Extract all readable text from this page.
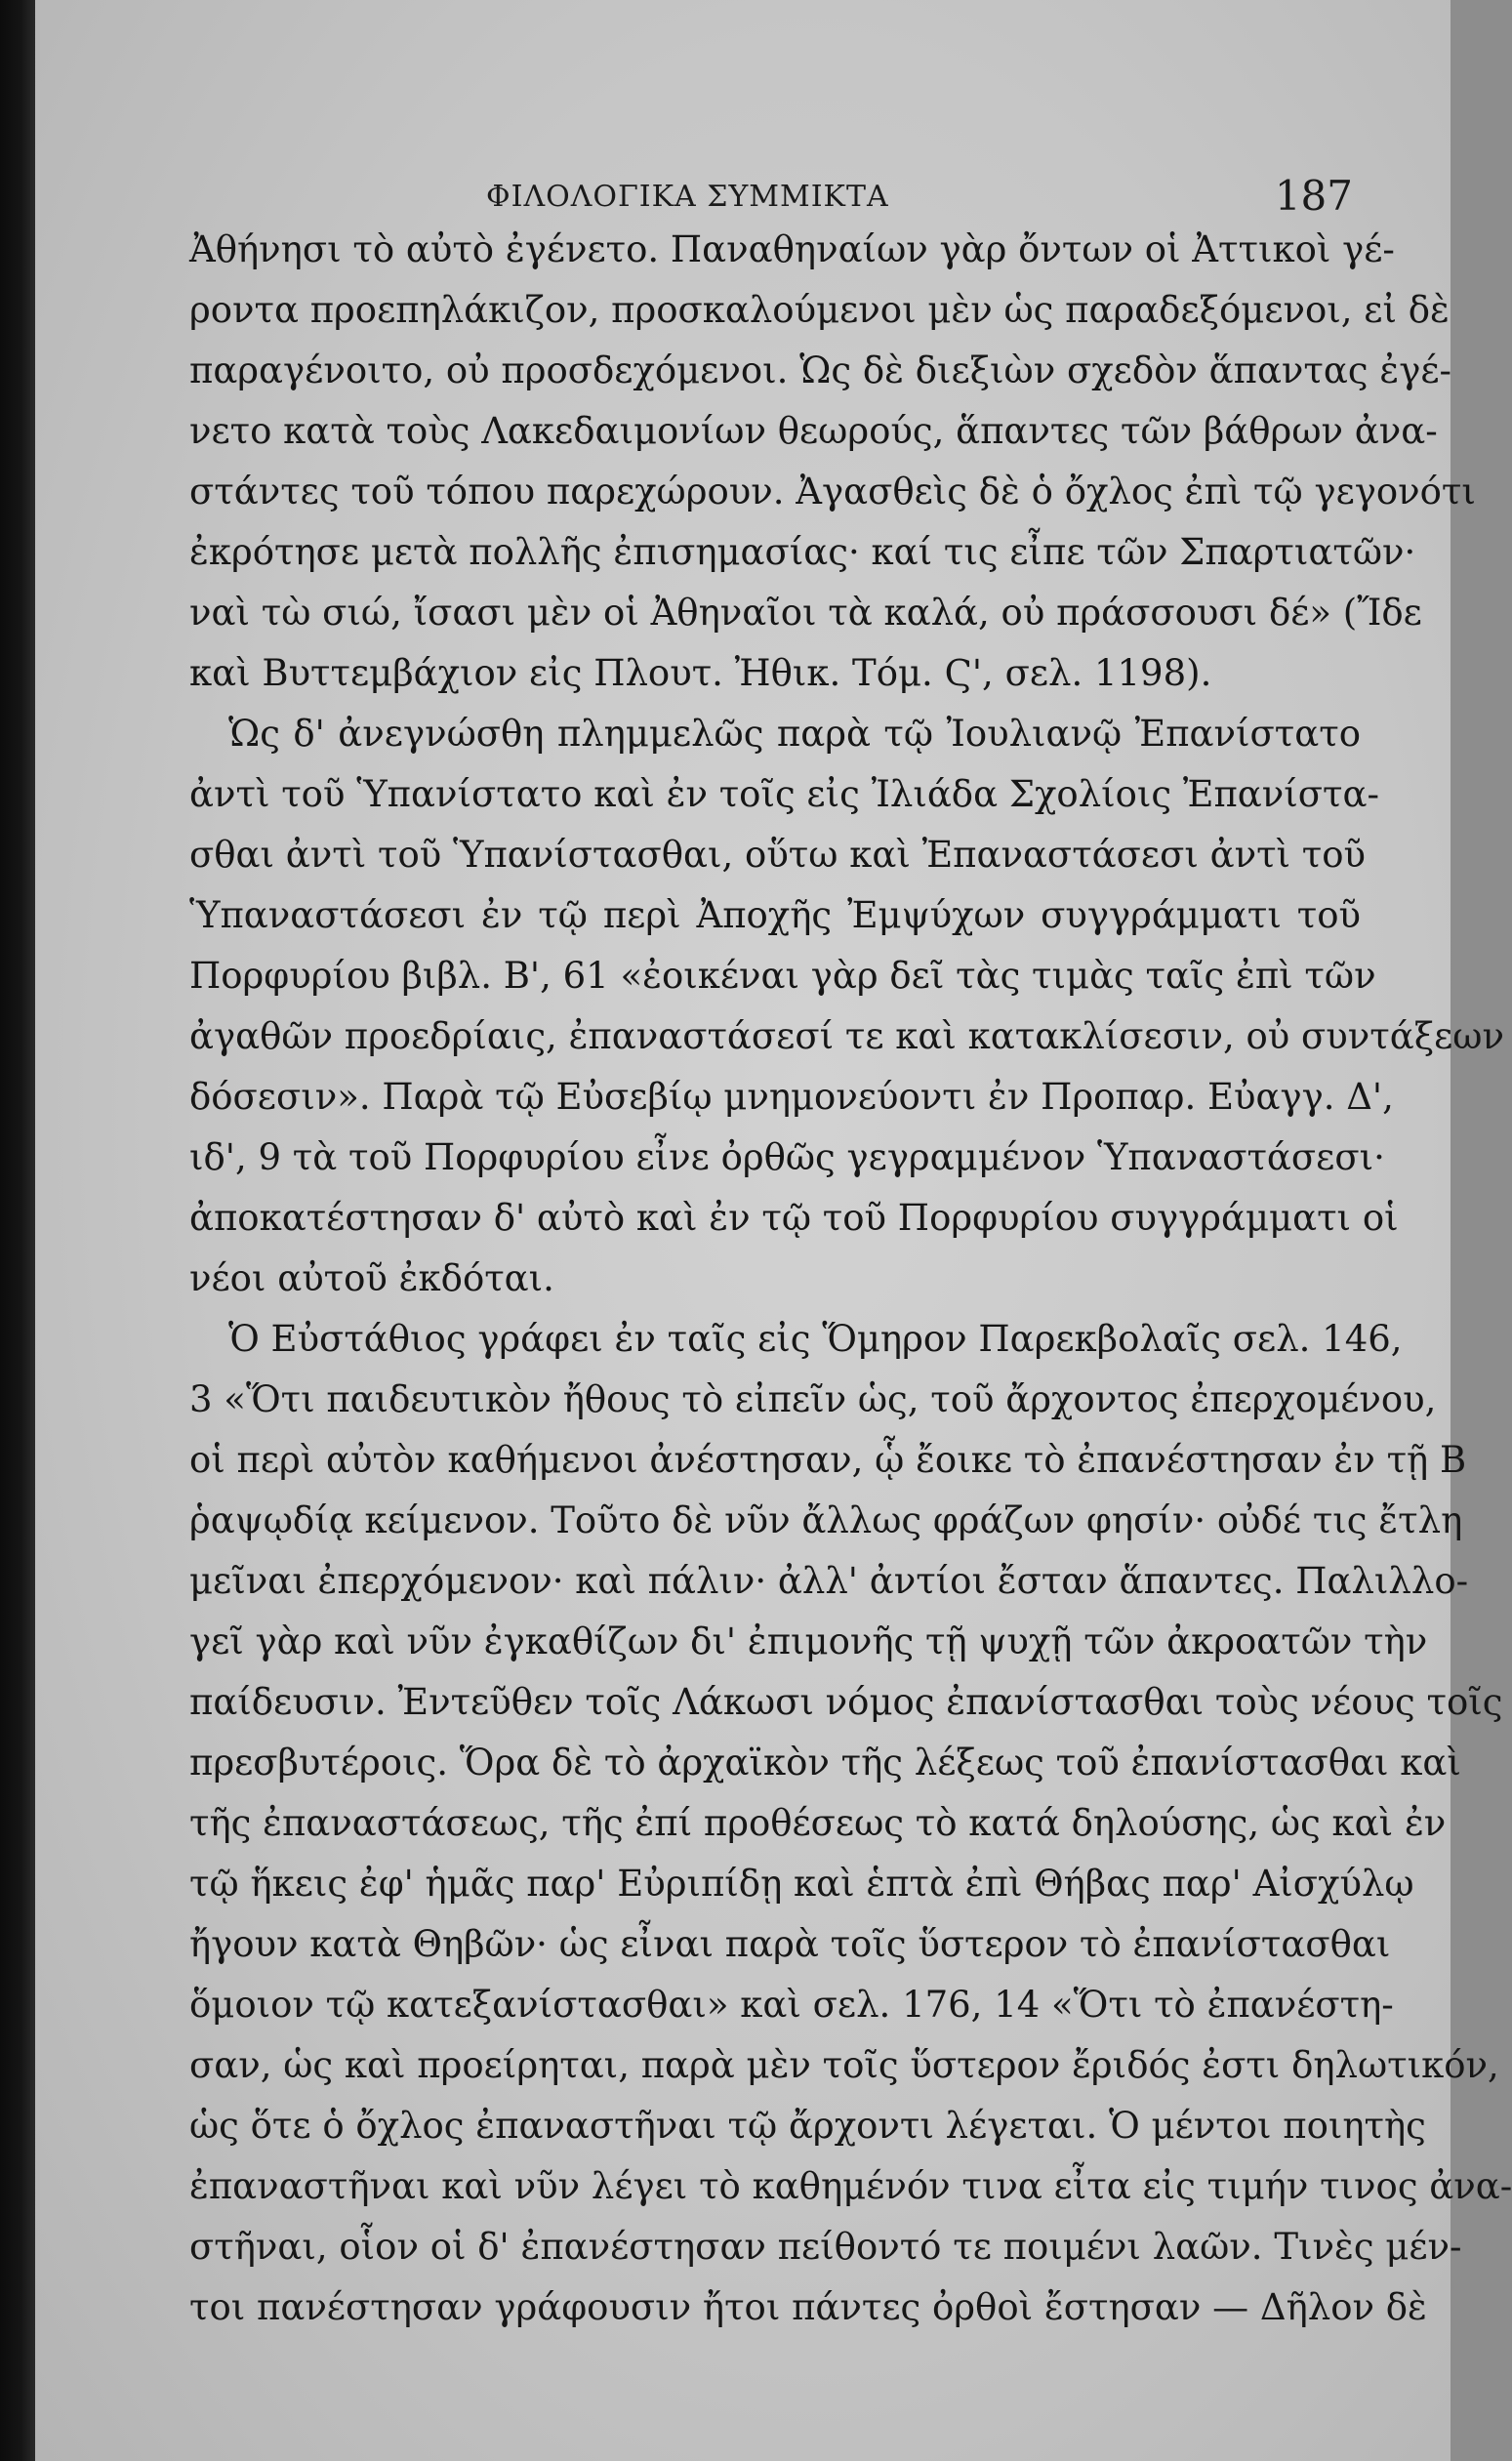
ΦΙΛΟΛΟΓΙΚΑ ΣΥΜΜΙΚΤΑ	187
Ἀθήνησι τὸ αὐτὸ ἐγένετο. Παναθηναίων γὰρ ὄντων οἱ Ἀττικοὶ γέ-
ροντα προεπηλάκιζον, προσκαλούμενοι μὲν ὡς παραδεξόμενοι, εἰ δὲ
παραγένοιτο, οὐ προσδεχόμενοι. Ὡς δὲ διεξιὼν σχεδὸν ἅπαντας ἐγέ-
νετο κατὰ τοὺς Λακεδαιμονίων θεωρούς, ἅπαντες τῶν βάθρων ἀνα-
στάντες τοῦ τόπου παρεχώρουν. Ἀγασθεὶς δὲ ὁ ὄχλος ἐπὶ τῷ γεγονότι
ἐκρότησε μετὰ πολλῆς ἐπισημασίας· καί τις εἶπε τῶν Σπαρτιατῶν·
ναὶ τὼ σιώ, ἴσασι μὲν οἱ Ἀθηναῖοι τὰ καλά, οὐ πράσσουσι δέ» (Ἴδε
καὶ Βυττεμβάχιον εἰς Πλουτ. Ἠθικ. Τόμ. Ϛ', σελ. 1198).
Ὡς δ' ἀνεγνώσθη πλημμελῶς παρὰ τῷ Ἰουλιανῷ Ἐπανίστατο
ἀντὶ τοῦ Ὑπανίστατο καὶ ἐν τοῖς εἰς Ἰλιάδα Σχολίοις Ἐπανίστα-
σθαι ἀντὶ τοῦ Ὑπανίστασθαι, οὕτω καὶ Ἐπαναστάσεσι ἀντὶ τοῦ
Ὑπαναστάσεσι ἐν τῷ περὶ Ἀποχῆς Ἐμψύχων συγγράμματι τοῦ
Πορφυρίου βιβλ. Β', 61 «ἐοικέναι γὰρ δεῖ τὰς τιμὰς ταῖς ἐπὶ τῶν
ἀγαθῶν προεδρίαις, ἐπαναστάσεσί τε καὶ κατακλίσεσιν, οὐ συντάξεων
δόσεσιν». Παρὰ τῷ Εὐσεβίῳ μνημονεύοντι ἐν Προπαρ. Εὐαγγ. Δ',
ιδ', 9 τὰ τοῦ Πορφυρίου εἶνε ὀρθῶς γεγραμμένον Ὑπαναστάσεσι·
ἀποκατέστησαν δ' αὐτὸ καὶ ἐν τῷ τοῦ Πορφυρίου συγγράμματι οἱ
νέοι αὐτοῦ ἐκδόται.
Ὁ Εὐστάθιος γράφει ἐν ταῖς εἰς Ὅμηρον Παρεκβολαῖς σελ. 146,
3 «Ὅτι παιδευτικὸν ἤθους τὸ εἰπεῖν ὡς, τοῦ ἄρχοντος ἐπερχομένου,
οἱ περὶ αὐτὸν καθήμενοι ἀνέστησαν, ᾧ ἔοικε τὸ ἐπανέστησαν ἐν τῇ Β
ῥαψῳδίᾳ κείμενον. Τοῦτο δὲ νῦν ἄλλως φράζων φησίν· οὐδέ τις ἔτλη
μεῖναι ἐπερχόμενον· καὶ πάλιν· ἀλλ' ἀντίοι ἔσταν ἅπαντες. Παλιλλο-
γεῖ γὰρ καὶ νῦν ἐγκαθίζων δι' ἐπιμονῆς τῇ ψυχῇ τῶν ἀκροατῶν τὴν
παίδευσιν. Ἐντεῦθεν τοῖς Λάκωσι νόμος ἐπανίστασθαι τοὺς νέους τοῖς
πρεσβυτέροις. Ὅρα δὲ τὸ ἀρχαϊκὸν τῆς λέξεως τοῦ ἐπανίστασθαι καὶ
τῆς ἐπαναστάσεως, τῆς ἐπί προθέσεως τὸ κατά δηλούσης, ὡς καὶ ἐν
τῷ ἥκεις ἐφ' ἡμᾶς παρ' Εὐριπίδῃ καὶ ἑπτὰ ἐπὶ Θήβας παρ' Αἰσχύλῳ
ἤγουν κατὰ Θηβῶν· ὡς εἶναι παρὰ τοῖς ὕστερον τὸ ἐπανίστασθαι
ὅμοιον τῷ κατεξανίστασθαι» καὶ σελ. 176, 14 «Ὅτι τὸ ἐπανέστη-
σαν, ὡς καὶ προείρηται, παρὰ μὲν τοῖς ὕστερον ἔριδός ἐστι δηλωτικόν,
ὡς ὅτε ὁ ὄχλος ἐπαναστῆναι τῷ ἄρχοντι λέγεται. Ὁ μέντοι ποιητὴς
ἐπαναστῆναι καὶ νῦν λέγει τὸ καθημένόν τινα εἶτα εἰς τιμήν τινος ἀνα-
στῆναι, οἷον οἱ δ' ἐπανέστησαν πείθοντό τε ποιμένι λαῶν. Τινὲς μέν-
τοι πανέστησαν γράφουσιν ἤτοι πάντες ὀρθοὶ ἔστησαν — Δῆλον δὲ
